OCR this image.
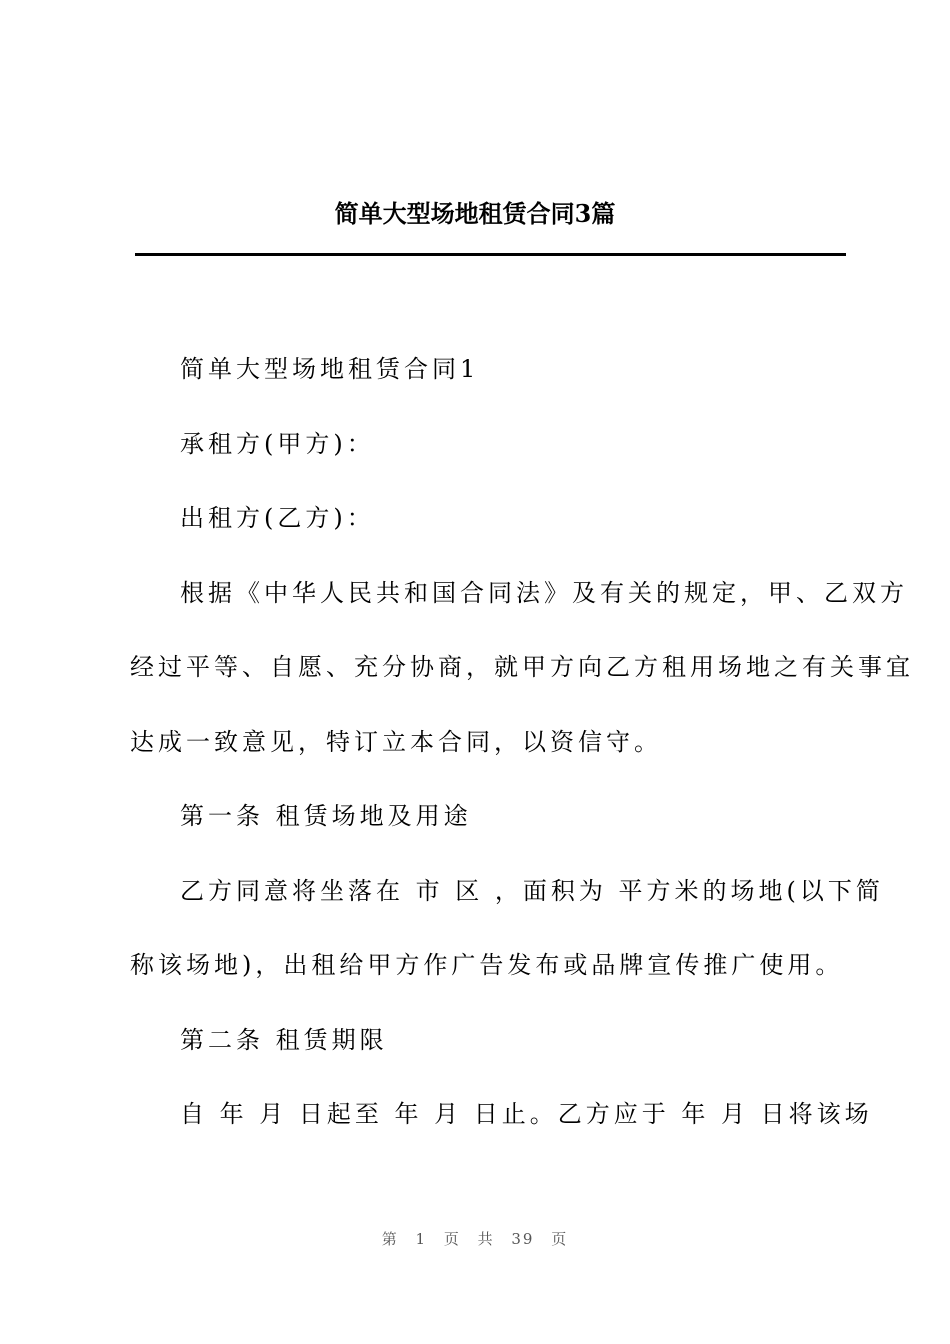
简单大型场地租赁合同3篇
简单大型场地租赁合同1
承租方(甲方)：
出租方(乙方)：
根据《中华人民共和国合同法》及有关的规定，甲、乙双方
经过平等、自愿、充分协商，就甲方向乙方租用场地之有关事宜
达成一致意见，特订立本合同，以资信守。
第一条 租赁场地及用途
乙方同意将坐落在 市 区 ，面积为 平方米的场地(以下简
称该场地)，出租给甲方作广告发布或品牌宣传推广使用。
第二条 租赁期限
自 年 月 日起至 年 月 日止。乙方应于 年 月 日将该场
第 1 页 共 39 页
